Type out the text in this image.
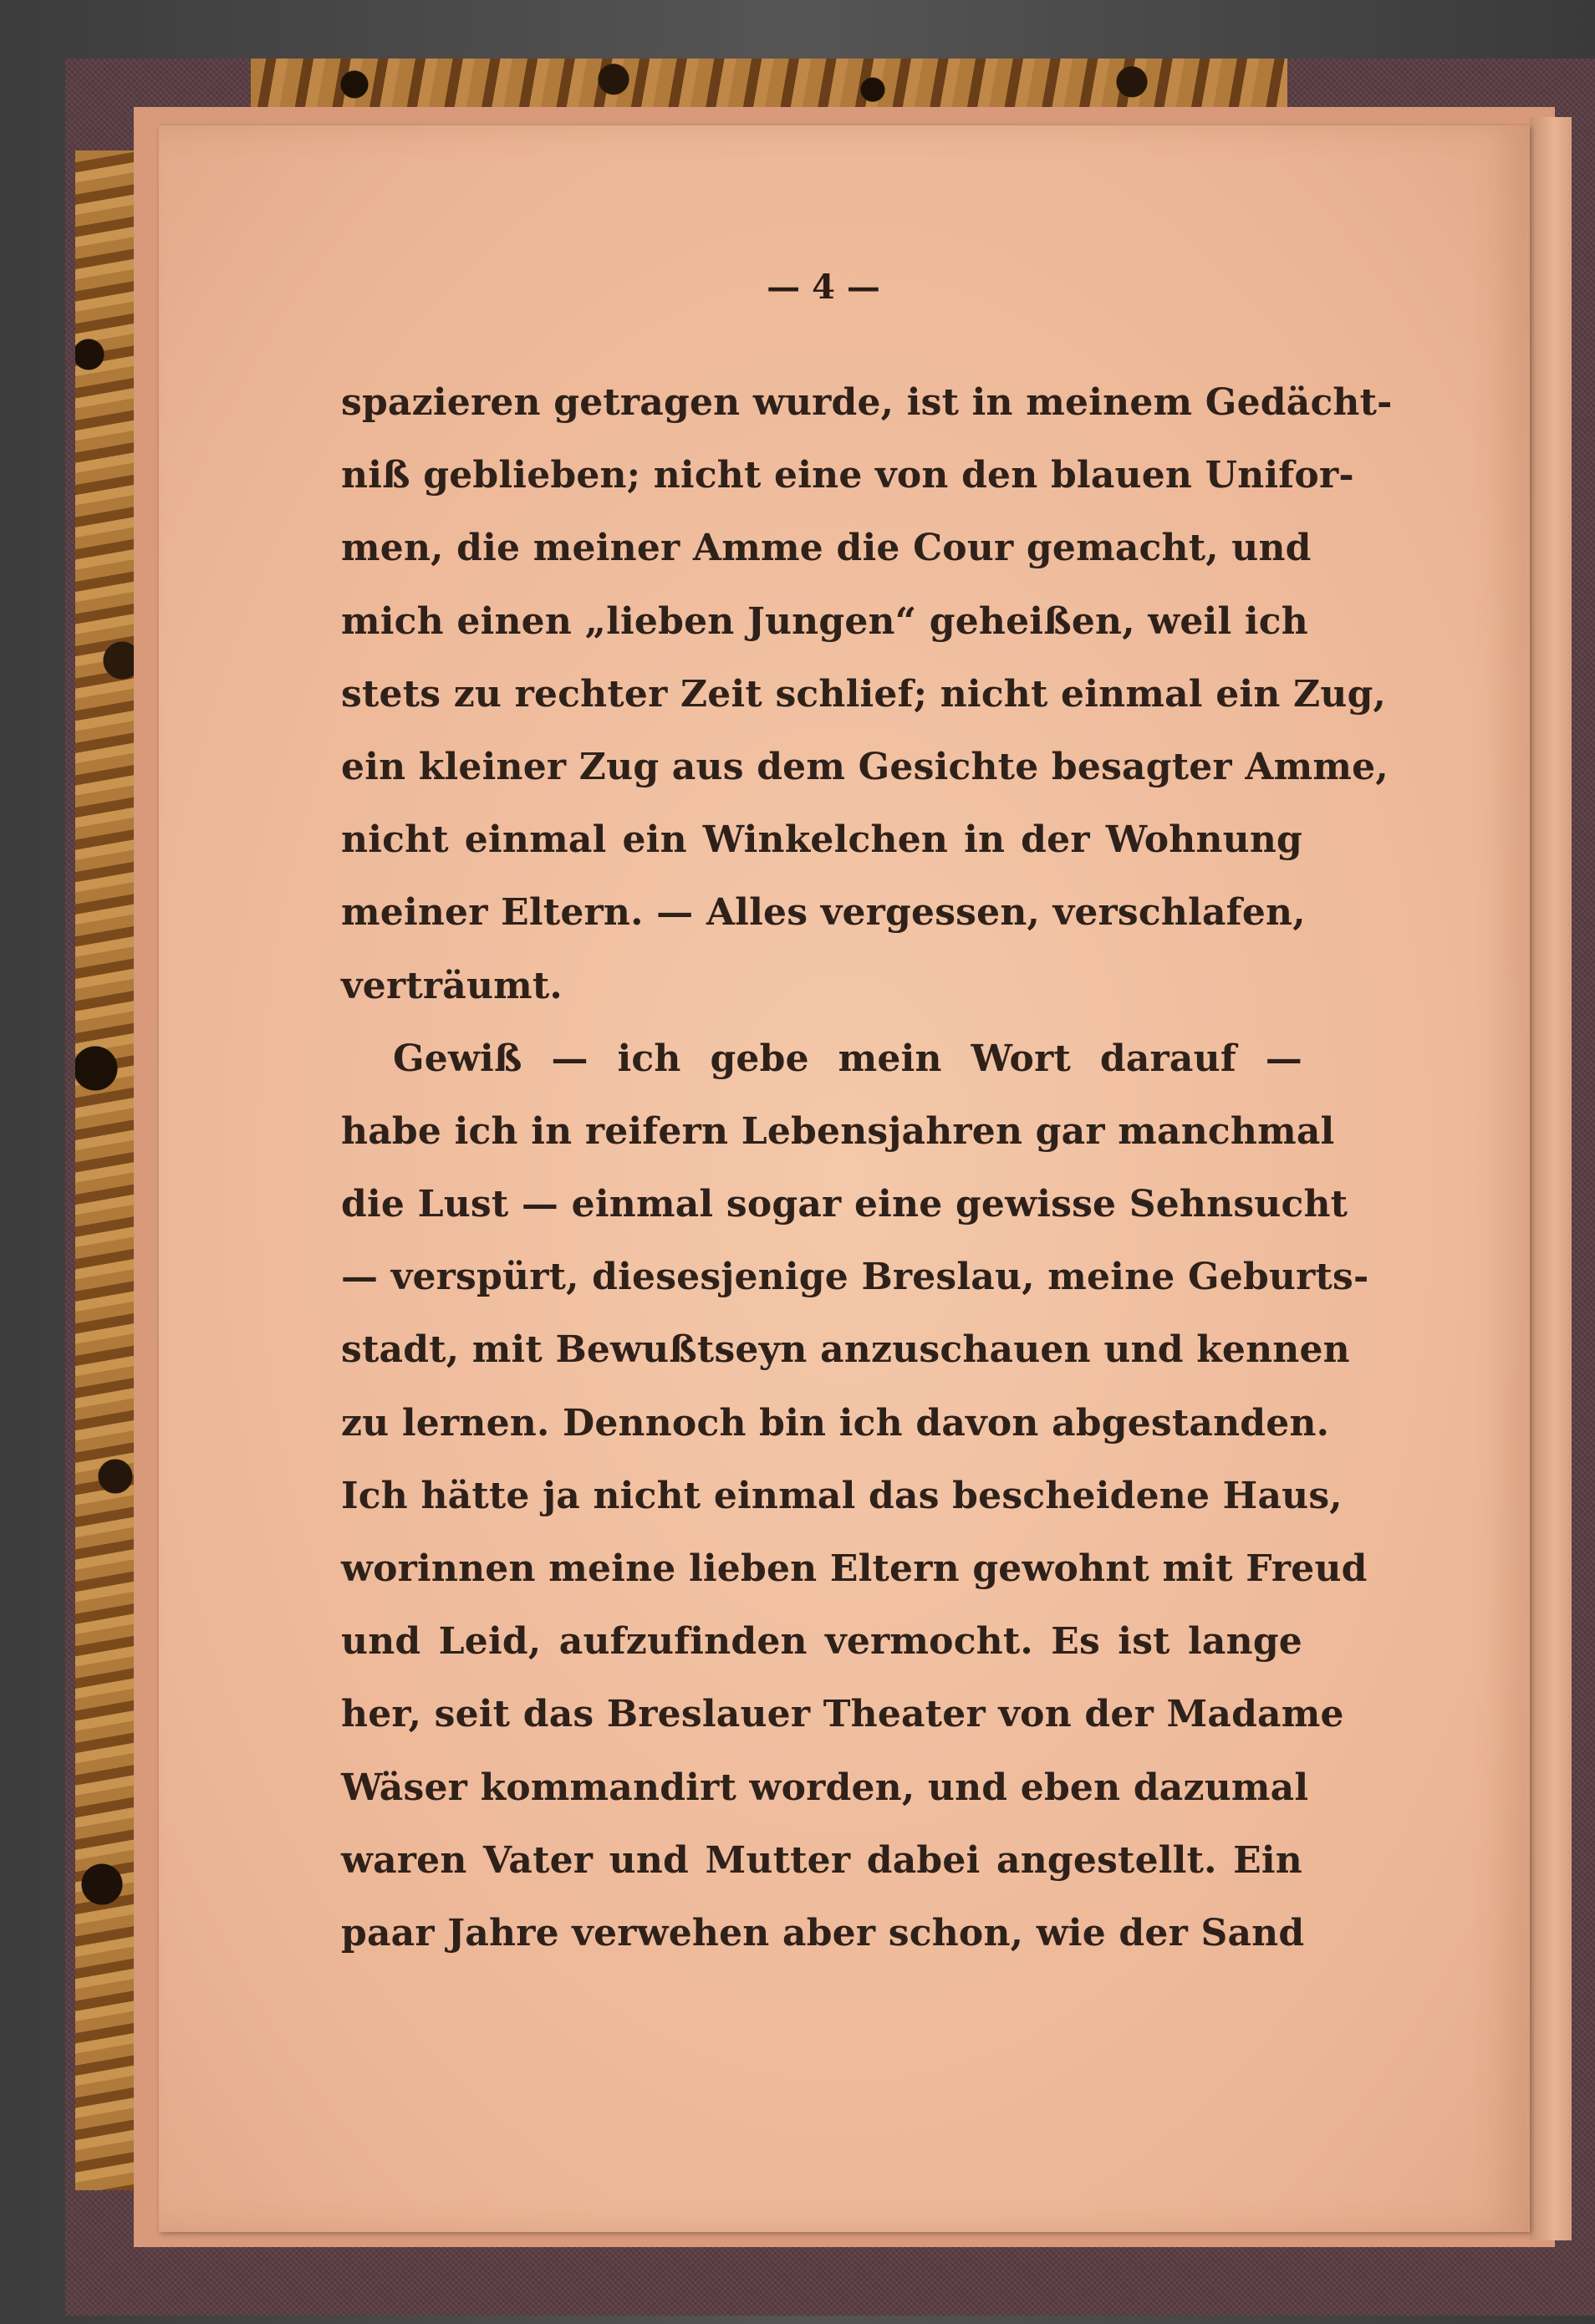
— 4 —
spazieren getragen wurde, ist in meinem Gedächt-
niß geblieben; nicht eine von den blauen Unifor-
men, die meiner Amme die Cour gemacht, und
mich einen „lieben Jungen“ geheißen, weil ich
stets zu rechter Zeit schlief; nicht einmal ein Zug,
ein kleiner Zug aus dem Gesichte besagter Amme,
nicht einmal ein Winkelchen in der Wohnung
meiner Eltern. — Alles vergessen, verschlafen,
verträumt.
Gewiß — ich gebe mein Wort darauf —
habe ich in reifern Lebensjahren gar manchmal
die Lust — einmal sogar eine gewisse Sehnsucht
— verspürt, diesesjenige Breslau, meine Geburts-
stadt, mit Bewußtseyn anzuschauen und kennen
zu lernen. Dennoch bin ich davon abgestanden.
Ich hätte ja nicht einmal das bescheidene Haus,
worinnen meine lieben Eltern gewohnt mit Freud
und Leid, aufzufinden vermocht. Es ist lange
her, seit das Breslauer Theater von der Madame
Wäser kommandirt worden, und eben dazumal
waren Vater und Mutter dabei angestellt. Ein
paar Jahre verwehen aber schon, wie der Sand
